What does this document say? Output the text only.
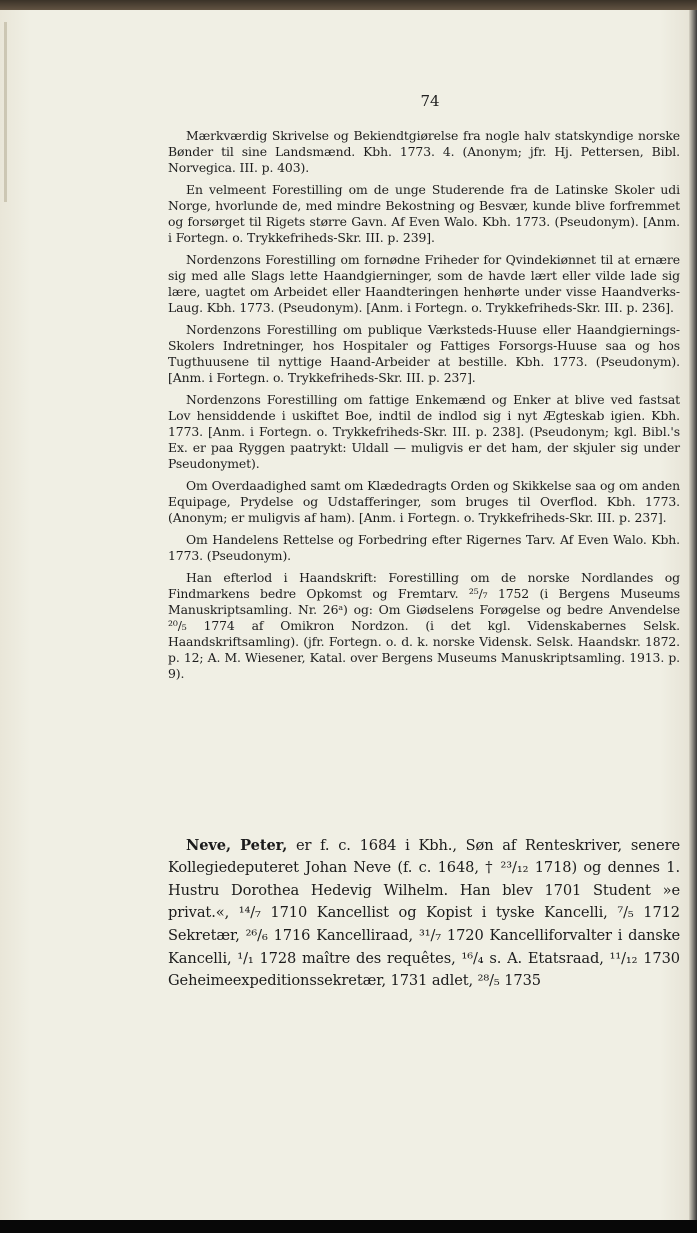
74

Mærkværdig Skrivelse og Bekiendtgiørelse fra nogle halv statskyndige norske Bønder til sine Landsmænd. Kbh. 1773. 4. (Anonym; jfr. Hj. Pettersen, Bibl. Norvegica. III. p. 403).

En velmeent Forestilling om de unge Studerende fra de Latinske Skoler udi Norge, hvorlunde de, med mindre Bekostning og Besvær, kunde blive forfremmet og forsørget til Rigets større Gavn. Af Even Walo. Kbh. 1773. (Pseudonym). [Anm. i Fortegn. o. Trykkefriheds-Skr. III. p. 239].

Nordenzons Forestilling om fornødne Friheder for Qvindekiønnet til at ernære sig med alle Slags lette Haandgierninger, som de havde lært eller vilde lade sig lære, uagtet om Arbeidet eller Haandteringen henhørte under visse Haandverks-Laug. Kbh. 1773. (Pseudonym). [Anm. i Fortegn. o. Trykkefriheds-Skr. III. p. 236].

Nordenzons Forestilling om publique Værksteds-Huuse eller Haandgiernings-Skolers Indretninger, hos Hospitaler og Fattiges Forsorgs-Huuse saa og hos Tugthuusene til nyttige Haand-Arbeider at bestille. Kbh. 1773. (Pseudonym). [Anm. i Fortegn. o. Trykkefriheds-Skr. III. p. 237].

Nordenzons Forestilling om fattige Enkemænd og Enker at blive ved fastsat Lov hensiddende i uskiftet Boe, indtil de indlod sig i nyt Ægteskab igien. Kbh. 1773. [Anm. i Fortegn. o. Trykkefriheds-Skr. III. p. 238]. (Pseudonym; kgl. Bibl.'s Ex. er paa Ryggen paatrykt: Uldall — muligvis er det ham, der skjuler sig under Pseudonymet).

Om Overdaadighed samt om Klædedragts Orden og Skikkelse saa og om anden Equipage, Prydelse og Udstafferinger, som bruges til Overflod. Kbh. 1773. (Anonym; er muligvis af ham). [Anm. i Fortegn. o. Trykkefriheds-Skr. III. p. 237].

Om Handelens Rettelse og Forbedring efter Rigernes Tarv. Af Even Walo. Kbh. 1773. (Pseudonym).

Han efterlod i Haandskrift: Forestilling om de norske Nordlandes og Findmarkens bedre Opkomst og Fremtarv. ²⁵/₇ 1752 (i Bergens Museums Manuskriptsamling. Nr. 26ᵃ) og: Om Giødselens Forøgelse og bedre Anvendelse ²⁰/₅ 1774 af Omikron Nordzon. (i det kgl. Videnskabernes Selsk. Haandskriftsamling). (jfr. Fortegn. o. d. k. norske Vidensk. Selsk. Haandskr. 1872. p. 12; A. M. Wiesener, Katal. over Bergens Museums Manuskriptsamling. 1913. p. 9).

Neve, Peter, er f. c. 1684 i Kbh., Søn af Renteskriver, senere Kollegiedeputeret Johan Neve (f. c. 1648, † ²³/₁₂ 1718) og dennes 1. Hustru Dorothea Hedevig Wilhelm. Han blev 1701 Student »e privat.«, ¹⁴/₇ 1710 Kancellist og Kopist i tyske Kancelli, ⁷/₅ 1712 Sekretær, ²⁶/₆ 1716 Kancelliraad, ³¹/₇ 1720 Kancelliforvalter i danske Kancelli, ¹/₁ 1728 maître des requêtes, ¹⁶/₄ s. A. Etatsraad, ¹¹/₁₂ 1730 Geheimeexpeditionssekretær, 1731 adlet, ²⁸/₅ 1735
